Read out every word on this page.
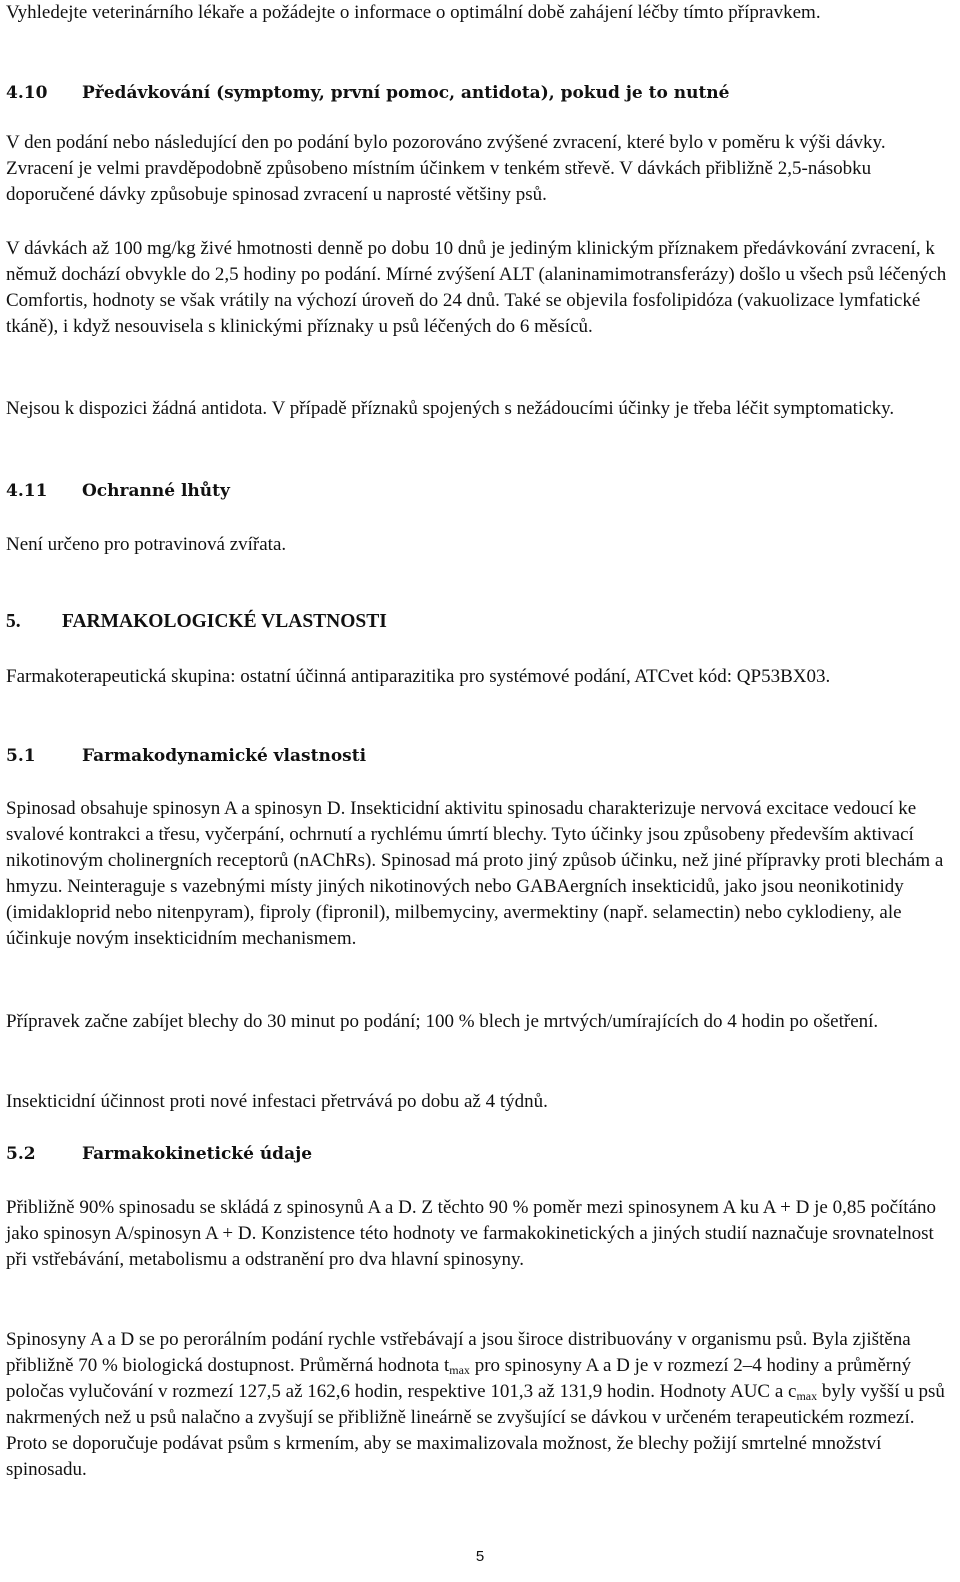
Vyhledejte veterinárního lékaře a požádejte o informace o optimální době zahájení léčby tímto přípravkem.

4.10 Předávkování (symptomy, první pomoc, antidota), pokud je to nutné

V den podání nebo následující den po podání bylo pozorováno zvýšené zvracení, které bylo v poměru k výši dávky. Zvracení je velmi pravděpodobně způsobeno místním účinkem v tenkém střevě. V dávkách přibližně 2,5-násobku doporučené dávky způsobuje spinosad zvracení u naprosté většiny psů.

V dávkách až 100 mg/kg živé hmotnosti denně po dobu 10 dnů je jediným klinickým příznakem předávkování zvracení, k němuž dochází obvykle do 2,5 hodiny po podání. Mírné zvýšení ALT (alaninamimotransferázy) došlo u všech psů léčených Comfortis, hodnoty se však vrátily na výchozí úroveň do 24 dnů. Také se objevila fosfolipidóza (vakuolizace lymfatické tkáně), i když nesouvisela s klinickými příznaky u psů léčených do 6 měsíců.

Nejsou k dispozici žádná antidota. V případě příznaků spojených s nežádoucími účinky je třeba léčit symptomaticky.

4.11 Ochranné lhůty

Není určeno pro potravinová zvířata.

5. FARMAKOLOGICKÉ VLASTNOSTI

Farmakoterapeutická skupina: ostatní účinná antiparazitika pro systémové podání, ATCvet kód: QP53BX03.

5.1	Farmakodynamické vlastnosti

Spinosad obsahuje spinosyn A a spinosyn D. Insekticidní aktivitu spinosadu charakterizuje nervová excitace vedoucí ke svalové kontrakci a třesu, vyčerpání, ochrnutí a rychlému úmrtí blechy. Tyto účinky jsou způsobeny především aktivací nikotinovým cholinergních receptorů (nAChRs). Spinosad má proto jiný způsob účinku, než jiné přípravky proti blechám a hmyzu. Neinteraguje s vazebnými místy jiných nikotinových nebo GABAergních insekticidů, jako jsou neonikotinidy (imidakloprid nebo nitenpyram), fiproly (fipronil), milbemyciny, avermektiny (např. selamectin) nebo cyklodieny, ale účinkuje novým insekticidním mechanismem.

Přípravek začne zabíjet blechy do 30 minut po podání; 100 % blech je mrtvých/umírajících do 4 hodin po ošetření.

Insekticidní účinnost proti nové infestaci přetrvává po dobu až 4 týdnů.

5.2	Farmakokinetické údaje

Přibližně 90% spinosadu se skládá z spinosynů A a D. Z těchto 90 % poměr mezi spinosynem A ku A + D je 0,85 počítáno jako spinosyn A/spinosyn A + D. Konzistence této hodnoty ve farmakokinetických a jiných studií naznačuje srovnatelnost při vstřebávání, metabolismu a odstranění pro dva hlavní spinosyny.

Spinosyny A a D se po perorálním podání rychle vstřebávají a jsou široce distribuovány v organismu psů. Byla zjištěna přibližně 70 % biologická dostupnost. Průměrná hodnota $t_{max}$ pro spinosyny A a D je v rozmezí 2–4 hodiny a průměrný poločas vylučování v rozmezí 127,5 až 162,6 hodin, respektive 101,3 až 131,9 hodin. Hodnoty AUC a $c_{max}$ byly vyšší u psů nakrmených než u psů nalačno a zvyšují se přibližně lineárně se zvyšující se dávkou v určeném terapeutickém rozmezí. Proto se doporučuje podávat psům s krmením, aby se maximalizovala možnost, že blechy požijí smrtelné množství spinosadu.

5
